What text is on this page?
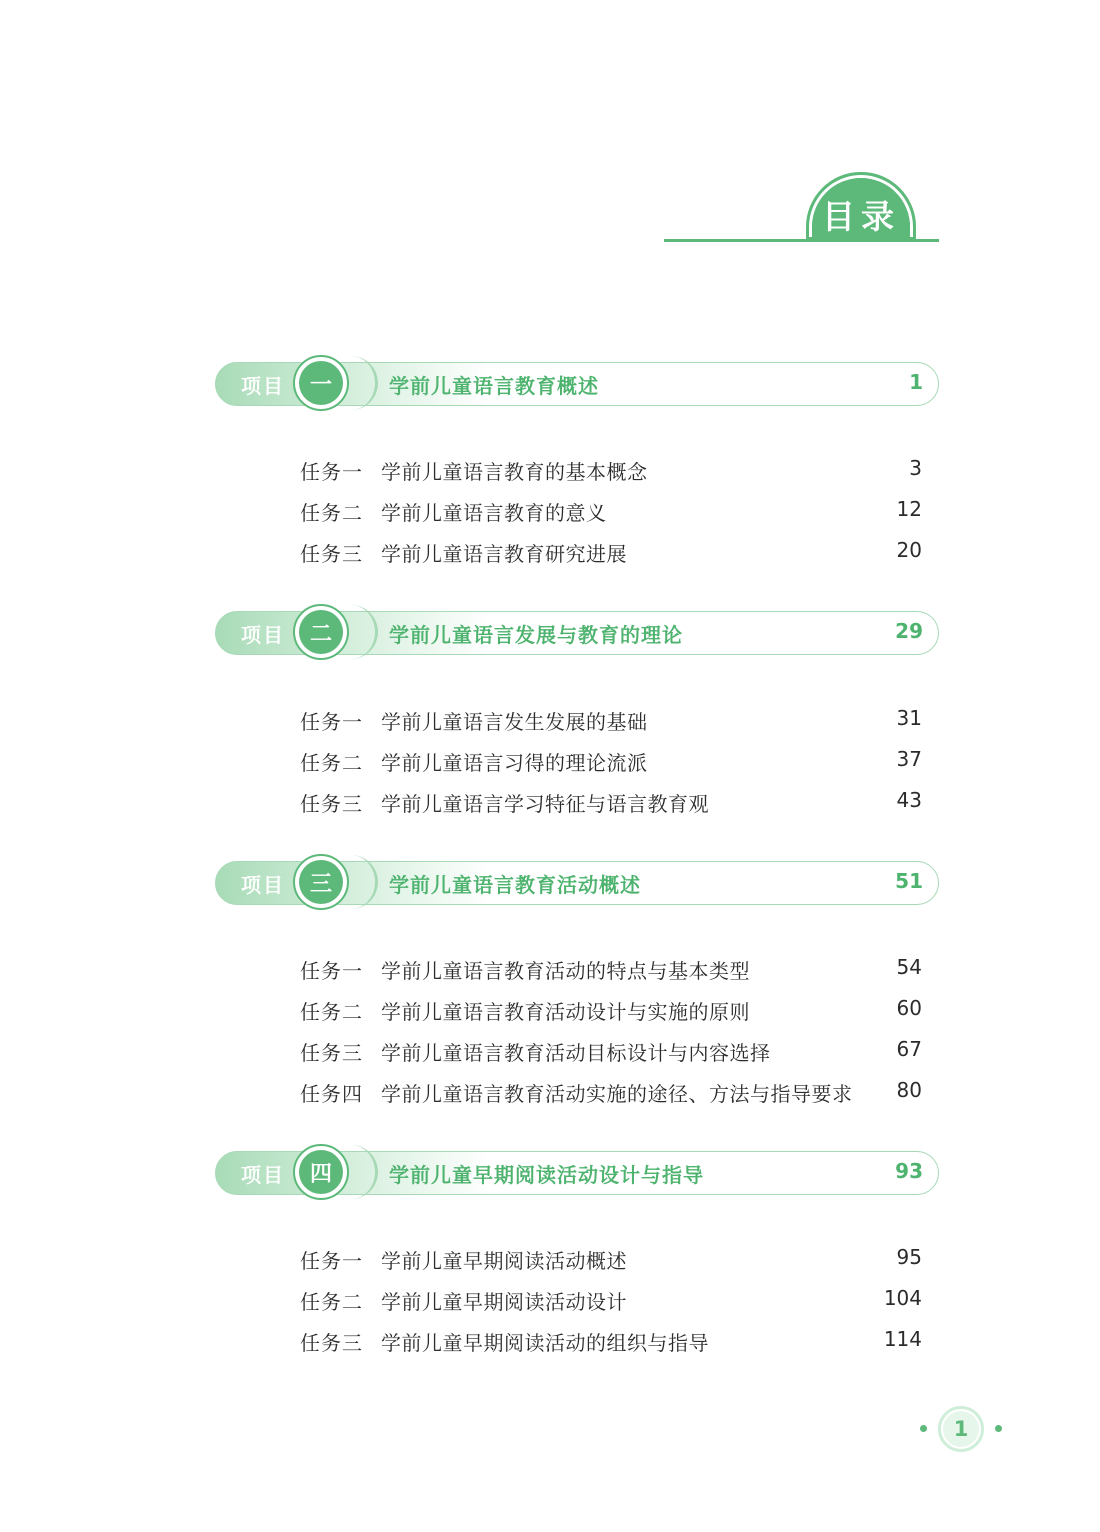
目录
项目	一	学前儿童语言教育概述	1
任务一 学前儿童语言教育的基本概念	3
任务二 学前儿童语言教育的意义	12
任务三 学前儿童语言教育研究进展	20
项目	二	学前儿童语言发展与教育的理论	29
任务一 学前儿童语言发生发展的基础	31
任务二 学前儿童语言习得的理论流派	37
任务三 学前儿童语言学习特征与语言教育观	43
项目	三	学前儿童语言教育活动概述	51
任务一 学前儿童语言教育活动的特点与基本类型	54
任务二 学前儿童语言教育活动设计与实施的原则	60
任务三 学前儿童语言教育活动目标设计与内容选择	67
任务四 学前儿童语言教育活动实施的途径、方法与指导要求 80
项目	四	学前儿童早期阅读活动设计与指导	93
任务一 学前儿童早期阅读活动概述	95
任务二 学前儿童早期阅读活动设计	104
任务三 学前儿童早期阅读活动的组织与指导	114
1
